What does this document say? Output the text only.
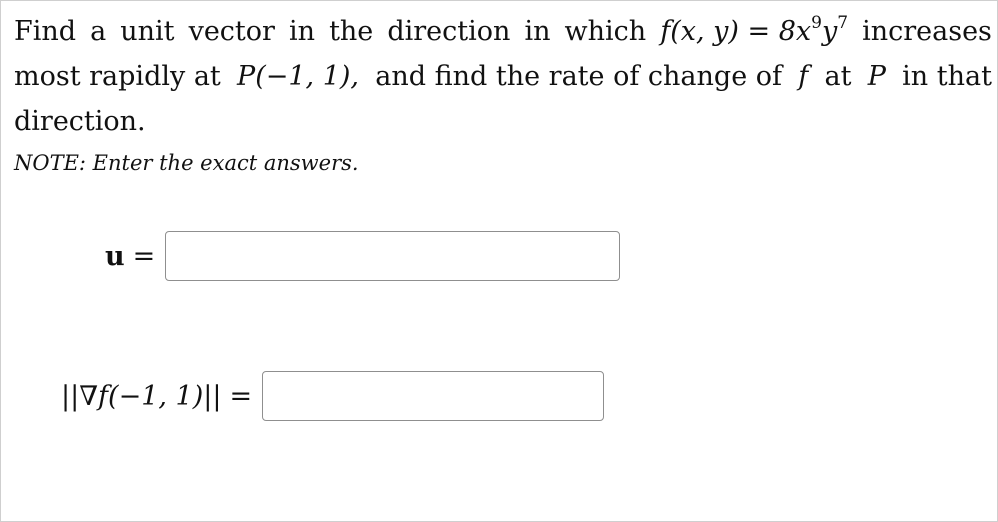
Find a unit vector in the direction in which f(x, $y) = 8x^9y^7$ increases
most rapidly at P(−1, 1), and find the rate of change of f at P in that
direction.
NOTE: Enter the exact answers.
u =
||∇f(−1, 1)|| =
